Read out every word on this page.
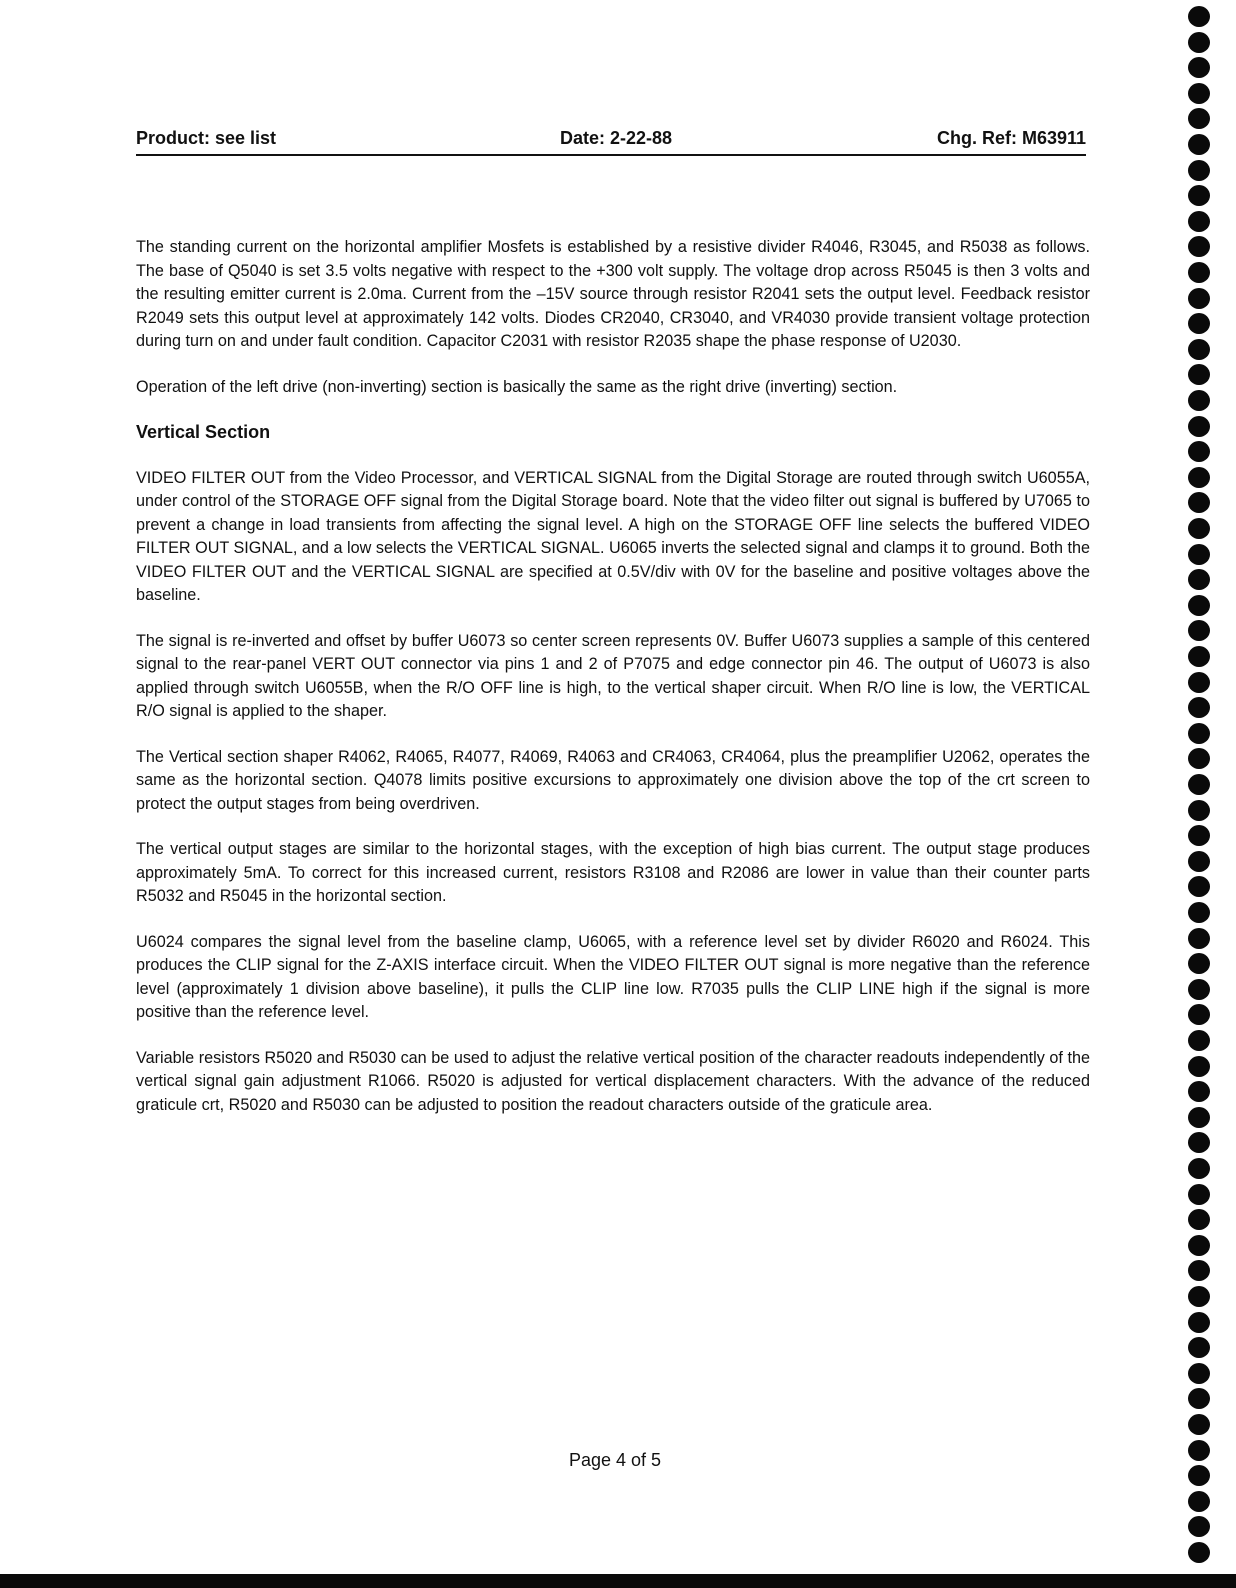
Product: see list	Date: 2-22-88	Chg. Ref: M63911

The standing current on the horizontal amplifier Mosfets is established by a resistive divider R4046, R3045, and R5038 as follows. The base of Q5040 is set 3.5 volts negative with respect to the +300 volt supply. The voltage drop across R5045 is then 3 volts and the resulting emitter current is 2.0ma. Current from the –15V source through resistor R2041 sets the output level. Feedback resistor R2049 sets this output level at approximately 142 volts. Diodes CR2040, CR3040, and VR4030 provide transient voltage protection during turn on and under fault condition. Capacitor C2031 with resistor R2035 shape the phase response of U2030.

Operation of the left drive (non-inverting) section is basically the same as the right drive (inverting) section.

Vertical Section

VIDEO FILTER OUT from the Video Processor, and VERTICAL SIGNAL from the Digital Storage are routed through switch U6055A, under control of the STORAGE OFF signal from the Digital Storage board. Note that the video filter out signal is buffered by U7065 to prevent a change in load transients from affecting the signal level. A high on the STORAGE OFF line selects the buffered VIDEO FILTER OUT SIGNAL, and a low selects the VERTICAL SIGNAL. U6065 inverts the selected signal and clamps it to ground. Both the VIDEO FILTER OUT and the VERTICAL SIGNAL are specified at 0.5V/div with 0V for the baseline and positive voltages above the baseline.

The signal is re-inverted and offset by buffer U6073 so center screen represents 0V. Buffer U6073 supplies a sample of this centered signal to the rear-panel VERT OUT connector via pins 1 and 2 of P7075 and edge connector pin 46. The output of U6073 is also applied through switch U6055B, when the R/O OFF line is high, to the vertical shaper circuit. When R/O line is low, the VERTICAL R/O signal is applied to the shaper.

The Vertical section shaper R4062, R4065, R4077, R4069, R4063 and CR4063, CR4064, plus the preamplifier U2062, operates the same as the horizontal section. Q4078 limits positive excursions to approximately one division above the top of the crt screen to protect the output stages from being overdriven.

The vertical output stages are similar to the horizontal stages, with the exception of high bias current. The output stage produces approximately 5mA. To correct for this increased current, resistors R3108 and R2086 are lower in value than their counter parts R5032 and R5045 in the horizontal section.

U6024 compares the signal level from the baseline clamp, U6065, with a reference level set by divider R6020 and R6024. This produces the CLIP signal for the Z-AXIS interface circuit. When the VIDEO FILTER OUT signal is more negative than the reference level (approximately 1 division above baseline), it pulls the CLIP line low. R7035 pulls the CLIP LINE high if the signal is more positive than the reference level.

Variable resistors R5020 and R5030 can be used to adjust the relative vertical position of the character readouts independently of the vertical signal gain adjustment R1066. R5020 is adjusted for vertical displacement characters. With the advance of the reduced graticule crt, R5020 and R5030 can be adjusted to position the readout characters outside of the graticule area.

Page 4 of 5
